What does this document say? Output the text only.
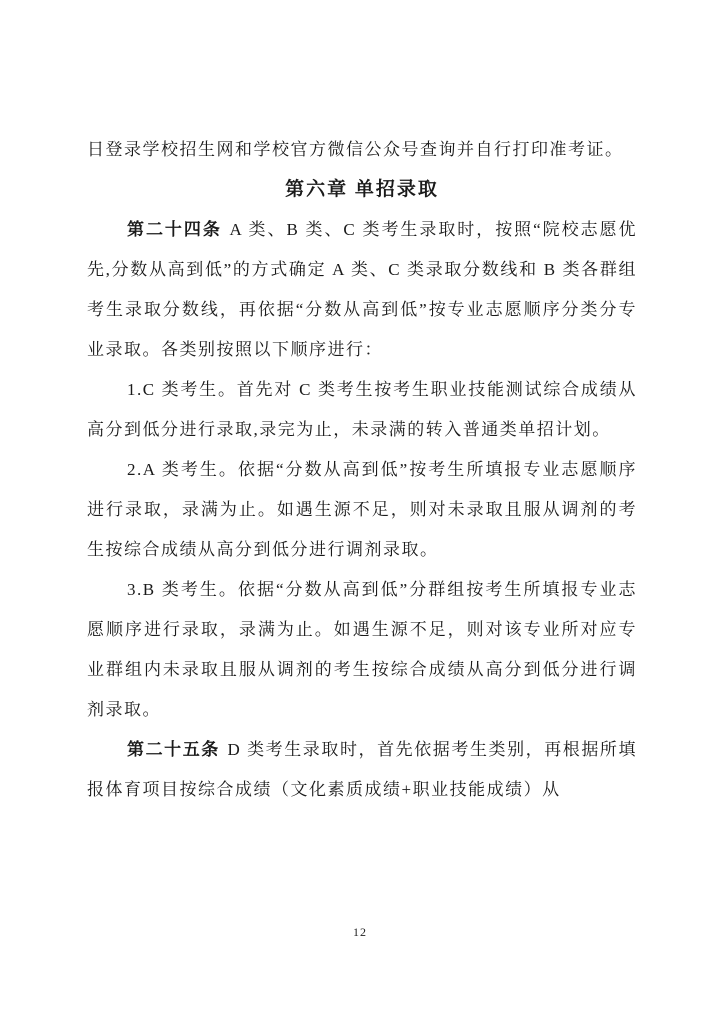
日登录学校招生网和学校官方微信公众号查询并自行打印准考证。

第六章 单招录取

第二十四条 A 类、B 类、C 类考生录取时，按照“院校志愿优先,分数从高到低”的方式确定 A 类、C 类录取分数线和 B 类各群组考生录取分数线，再依据“分数从高到低”按专业志愿顺序分类分专业录取。各类别按照以下顺序进行：

1.C 类考生。首先对 C 类考生按考生职业技能测试综合成绩从高分到低分进行录取,录完为止，未录满的转入普通类单招计划。

2.A 类考生。依据“分数从高到低”按考生所填报专业志愿顺序进行录取，录满为止。如遇生源不足，则对未录取且服从调剂的考生按综合成绩从高分到低分进行调剂录取。

3.B 类考生。依据“分数从高到低”分群组按考生所填报专业志愿顺序进行录取，录满为止。如遇生源不足，则对该专业所对应专业群组内未录取且服从调剂的考生按综合成绩从高分到低分进行调剂录取。

第二十五条 D 类考生录取时，首先依据考生类别，再根据所填报体育项目按综合成绩（文化素质成绩+职业技能成绩）从

12
